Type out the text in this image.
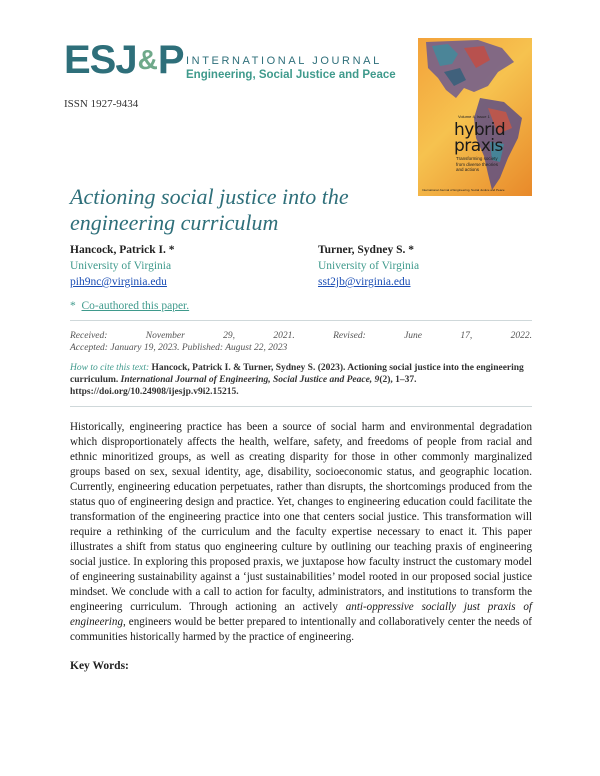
ESJ&P INTERNATIONAL JOURNAL
Engineering, Social Justice and Peace
ISSN 1927-9434
Volume 4, Issue 1
hybrid
praxis
Transforming society from diverse theories and actions
International Journal of Engineering, Social Justice and Peace
Actioning social justice into the engineering curriculum
Hancock, Patrick I. *
University of Virginia
pih9nc@virginia.edu
Turner, Sydney S. *
University of Virginia
sst2jb@virginia.edu
* Co-authored this paper.
Received:	November	29,	2021.	Revised:	June	17,	2022.
Accepted: January 19, 2023. Published: August 22, 2023
How to cite this text: Hancock, Patrick I. & Turner, Sydney S. (2023). Actioning social justice into the engineering curriculum. International Journal of Engineering, Social Justice and Peace, 9(2), 1–37. https://doi.org/10.24908/ijesjp.v9i2.15215.
Historically, engineering practice has been a source of social harm and environmental degradation which disproportionately affects the health, welfare, safety, and freedoms of people from racial and ethnic minoritized groups, as well as creating disparity for those in other commonly marginalized groups based on sex, sexual identity, age, disability, socioeconomic status, and geographic location. Currently, engineering education perpetuates, rather than disrupts, the shortcomings produced from the status quo of engineering design and practice. Yet, changes to engineering education could facilitate the transformation of the engineering practice into one that centers social justice. This transformation will require a rethinking of the curriculum and the faculty expertise necessary to enact it. This paper illustrates a shift from status quo engineering culture by outlining our teaching praxis of engineering social justice. In exploring this proposed praxis, we juxtapose how faculty instruct the customary model of engineering sustainability against a ‘just sustainabilities’ model rooted in our proposed social justice mindset. We conclude with a call to action for faculty, administrators, and institutions to transform the engineering curriculum. Through actioning an actively anti-oppressive socially just praxis of engineering, engineers would be better prepared to intentionally and collaboratively center the needs of communities historically harmed by the practice of engineering.
Key Words:
